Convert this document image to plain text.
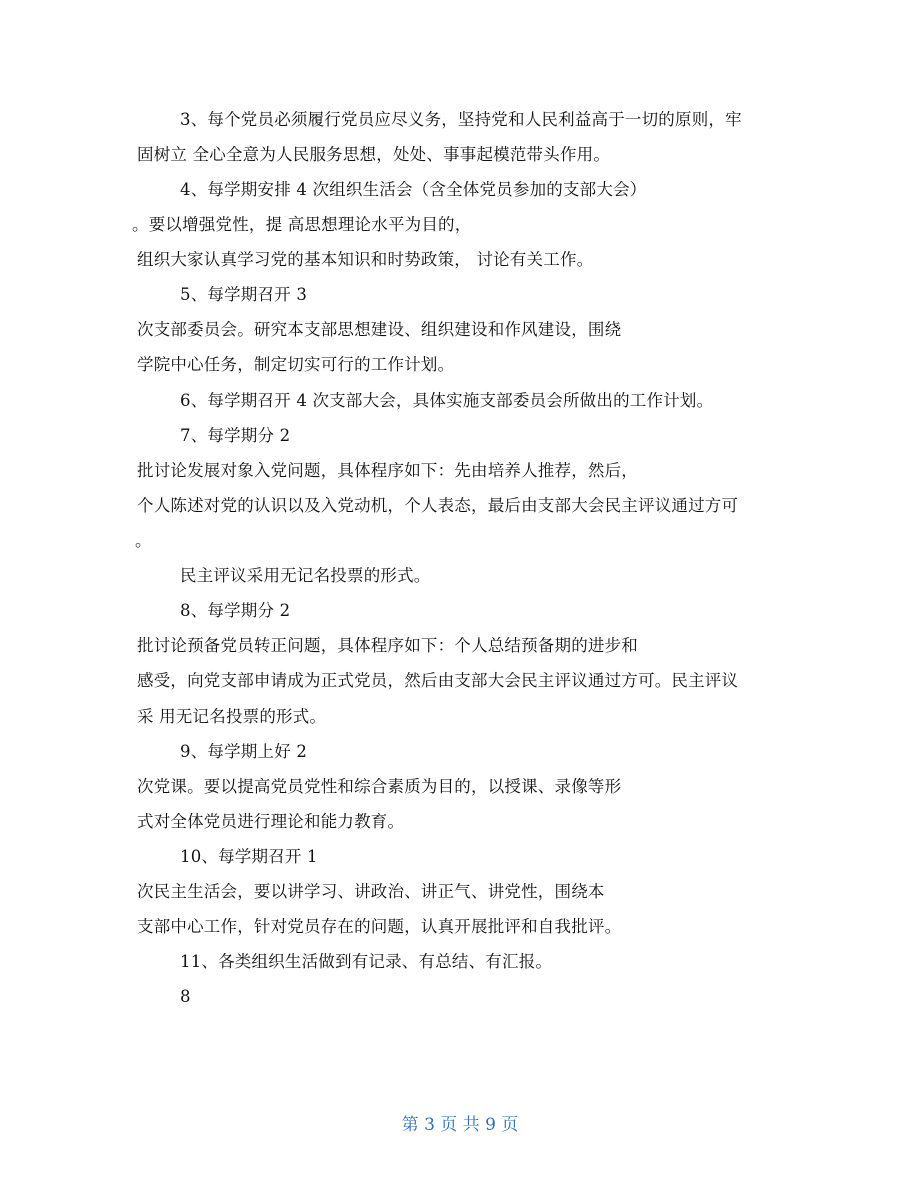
3、每个党员必须履行党员应尽义务，坚持党和人民利益高于一切的原则，牢
固树立 全心全意为人民服务思想，处处、事事起模范带头作用。
4、每学期安排 4 次组织生活会（含全体党员参加的支部大会）
。要以增强党性，提 高思想理论水平为目的，
组织大家认真学习党的基本知识和时势政策， 讨论有关工作。
5、每学期召开 3
次支部委员会。研究本支部思想建设、组织建设和作风建设，围绕
学院中心任务，制定切实可行的工作计划。
6、每学期召开 4 次支部大会，具体实施支部委员会所做出的工作计划。
7、每学期分 2
批讨论发展对象入党问题，具体程序如下：先由培养人推荐，然后，
个人陈述对党的认识以及入党动机，个人表态，最后由支部大会民主评议通过方可
。
民主评议采用无记名投票的形式。
8、每学期分 2
批讨论预备党员转正问题，具体程序如下：个人总结预备期的进步和
感受，向党支部申请成为正式党员，然后由支部大会民主评议通过方可。民主评议
采 用无记名投票的形式。
9、每学期上好 2
次党课。要以提高党员党性和综合素质为目的，以授课、录像等形
式对全体党员进行理论和能力教育。
10、每学期召开 1
次民主生活会，要以讲学习、讲政治、讲正气、讲党性，围绕本
支部中心工作，针对党员存在的问题，认真开展批评和自我批评。
11、各类组织生活做到有记录、有总结、有汇报。
8
第 3 页 共 9 页
